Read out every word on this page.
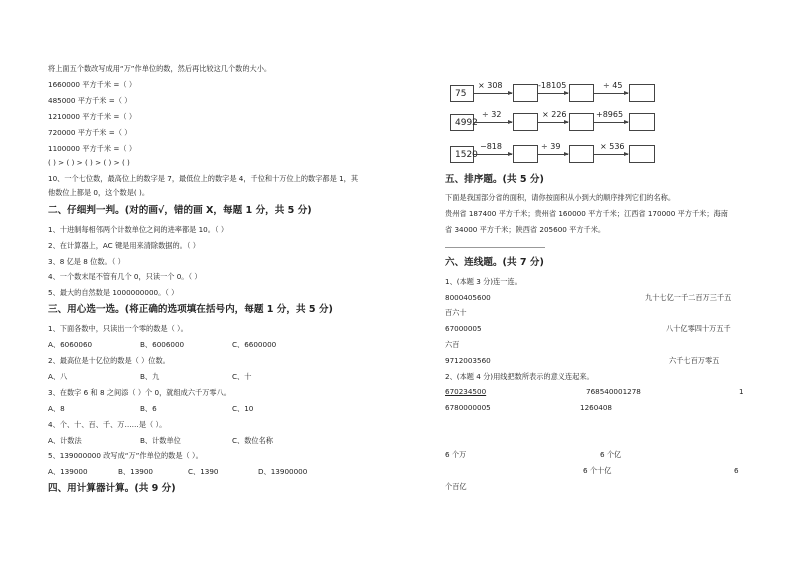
将上面五个数改写成用“万”作单位的数，然后再比较这几个数的大小。
1660000 平方千米 =（ ）
485000 平方千米 =（ ）
1210000 平方千米 =（ ）
720000 平方千米 =（ ）
1100000 平方千米 =（ ）
( ) > ( ) > ( ) > ( ) > ( )
10、一个七位数，最高位上的数字是 7，最低位上的数字是 4，千位和十万位上的数字都是 1，其
他数位上都是 0，这个数是( )。
二、仔细判一判。(对的画√，错的画 X，每题 1 分，共 5 分)
1、十进制每相邻两个计数单位之间的进率都是 10。（ ）
2、在计算器上，AC 键是用来清除数据的。（ ）
3、8 亿是 8 位数。（ ）
4、一个数末尾不管有几个 0，只读一个 0。（ ）
5、最大的自然数是 1000000000。（ ）
三、用心选一选。(将正确的选项填在括号内，每题 1 分，共 5 分)
1、下面各数中，只读出一个零的数是（ ）。
A、6060060	B、6006000	C、6600000
2、最高位是十亿位的数是（ ）位数。
A、八	B、九	C、十
3、在数字 6 和 8 之间添（ ）个 0，就组成六千万零八。
A、8	B、6	C、10
4、个、十、百、千、万……是（ ）。
A、计数法	B、计数单位	C、数位名称
5、139000000 改写成“万”作单位的数是（ ）。
A、139000	B、13900	C、1390	D、13900000
四、用计算器计算。(共 9 分)
75
× 308	-18105	÷ 45
4992
÷ 32	× 226	+8965
1520
−818	÷ 39	× 536
五、排序题。(共 5 分)
下面是我国部分省的面积，请你按面积从小到大的顺序排列它们的名称。
贵州省 187400 平方千米；贵州省 160000 平方千米；江西省 170000 平方千米；海南
省 34000 平方千米；陕西省 205600 平方千米。
六、连线题。(共 7 分)
1、(本题 3 分)连一连。
8000405600	九十七亿一千二百万三千五
百六十
67000005	八十亿零四十万五千
六百
9712003560	六千七百万零五
2、(本题 4 分)用线把数所表示的意义连起来。
670234500	768540001278	1
6780000005	1260408
6 个万	6 个亿
6 个十亿	6
个百亿
